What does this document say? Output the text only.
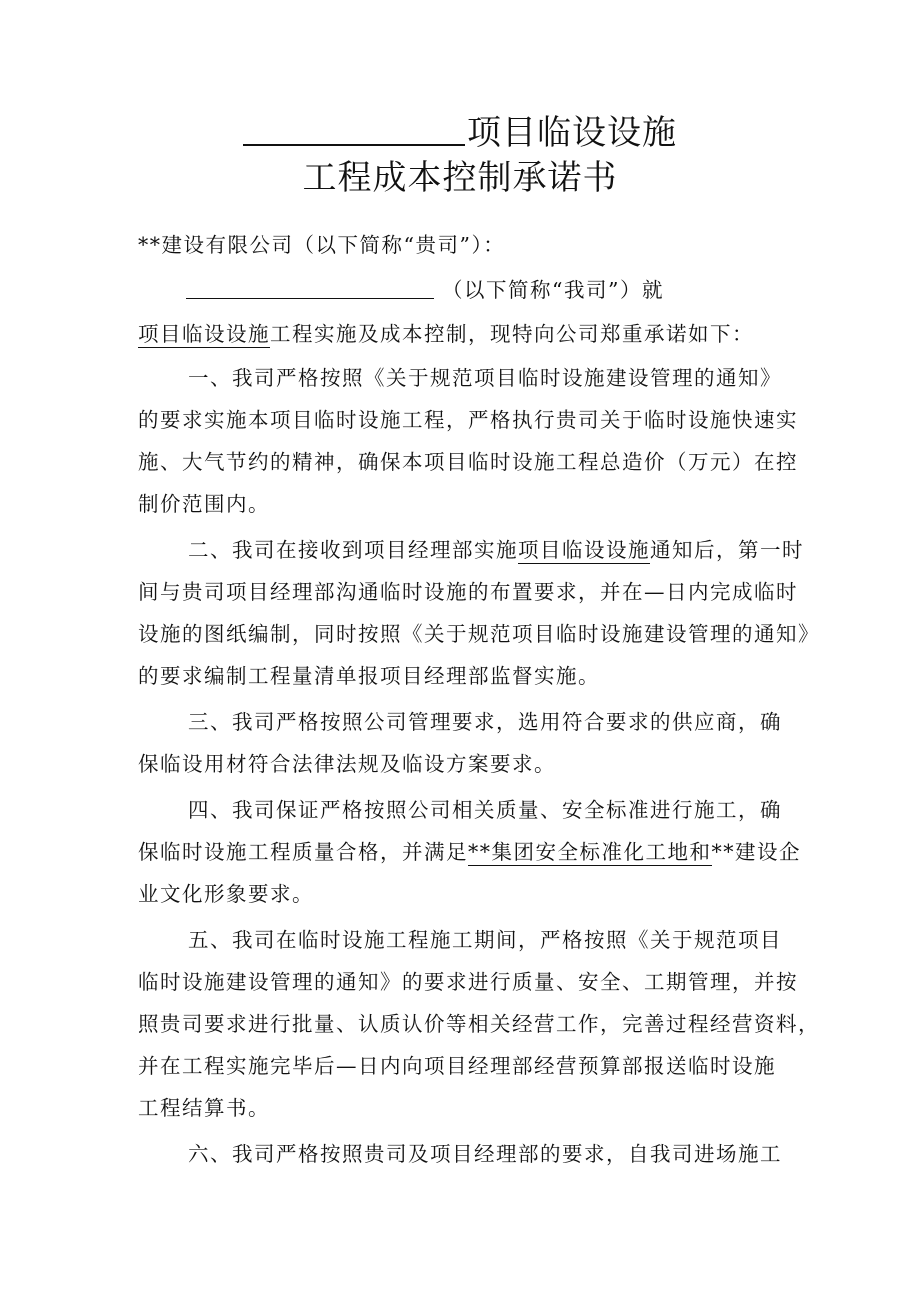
项目临设设施
工程成本控制承诺书
**建设有限公司（以下简称“贵司”）：
（以下简称“我司”）就
项目临设设施工程实施及成本控制，现特向公司郑重承诺如下：
一、我司严格按照《关于规范项目临时设施建设管理的通知》
的要求实施本项目临时设施工程，严格执行贵司关于临时设施快速实
施、大气节约的精神，确保本项目临时设施工程总造价（万元）在控
制价范围内。
二、我司在接收到项目经理部实施项目临设设施通知后，第一时
间与贵司项目经理部沟通临时设施的布置要求，并在—日内完成临时
设施的图纸编制，同时按照《关于规范项目临时设施建设管理的通知》
的要求编制工程量清单报项目经理部监督实施。
三、我司严格按照公司管理要求，选用符合要求的供应商，确
保临设用材符合法律法规及临设方案要求。
四、我司保证严格按照公司相关质量、安全标准进行施工，确
保临时设施工程质量合格，并满足**集团安全标准化工地和**建设企
业文化形象要求。
五、我司在临时设施工程施工期间，严格按照《关于规范项目
临时设施建设管理的通知》的要求进行质量、安全、工期管理，并按
照贵司要求进行批量、认质认价等相关经营工作，完善过程经营资料，
并在工程实施完毕后—日内向项目经理部经营预算部报送临时设施
工程结算书。
六、我司严格按照贵司及项目经理部的要求，自我司进场施工
